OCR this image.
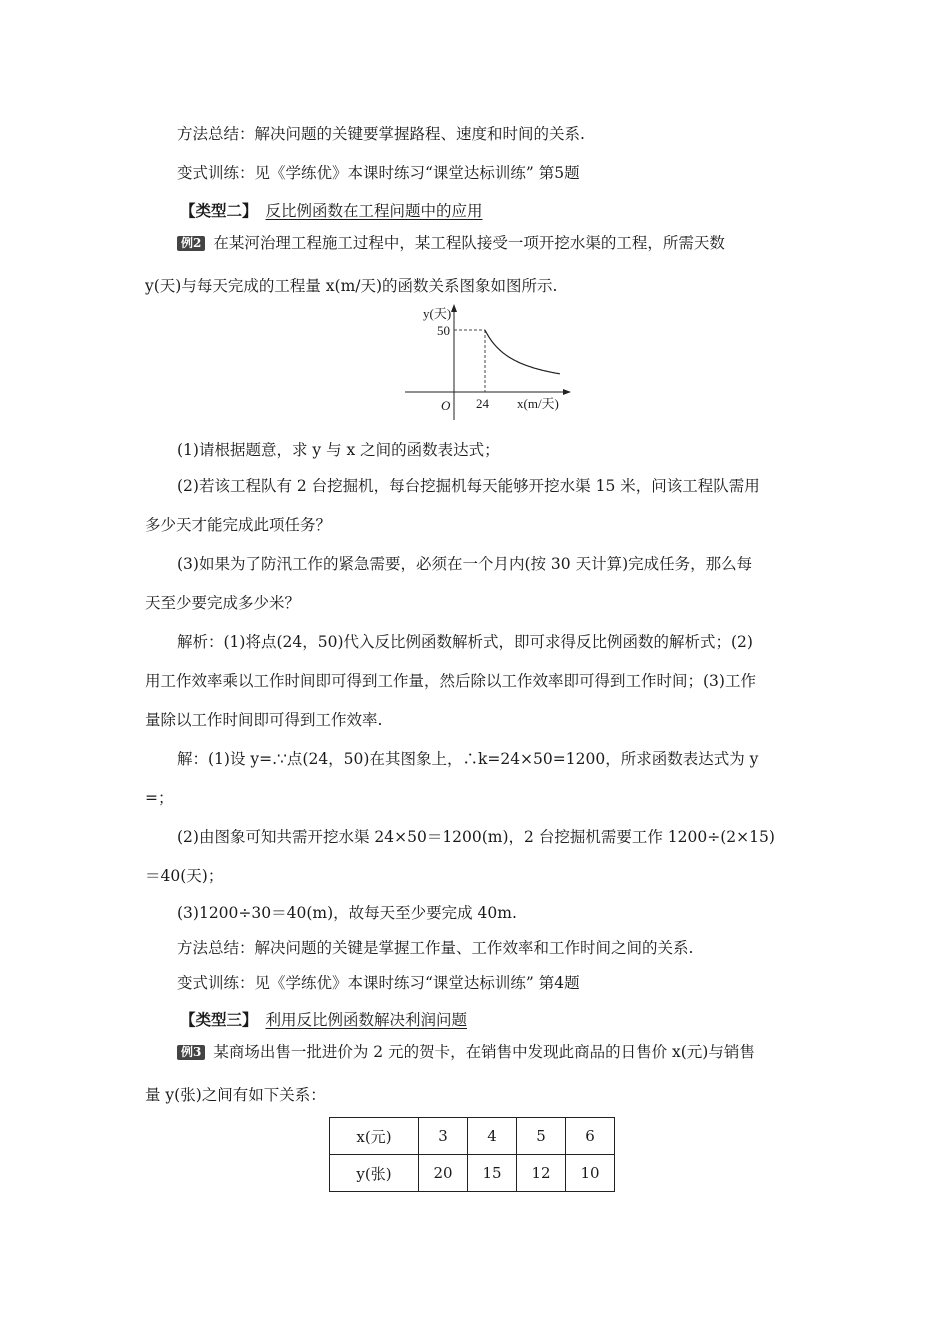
方法总结：解决问题的关键要掌握路程、速度和时间的关系.
变式训练：见《学练优》本课时练习“课堂达标训练” 第5题
【类型二】 反比例函数在工程问题中的应用
例2 在某河治理工程施工过程中，某工程队接受一项开挖水渠的工程，所需天数
y(天)与每天完成的工程量 x(m/天)的函数关系图象如图所示.
y(天)
50
O 24 x(m/天)
(1)请根据题意，求 y 与 x 之间的函数表达式；
(2)若该工程队有 2 台挖掘机，每台挖掘机每天能够开挖水渠 15 米，问该工程队需用
多少天才能完成此项任务？
(3)如果为了防汛工作的紧急需要，必须在一个月内(按 30 天计算)完成任务，那么每
天至少要完成多少米？
解析：(1)将点(24，50)代入反比例函数解析式，即可求得反比例函数的解析式；(2)
用工作效率乘以工作时间即可得到工作量，然后除以工作效率即可得到工作时间；(3)工作
量除以工作时间即可得到工作效率.
解：(1)设 y=.∵点(24，50)在其图象上，∴k=24×50=1200，所求函数表达式为 y
=；
(2)由图象可知共需开挖水渠 24×50＝1200(m)，2 台挖掘机需要工作 1200÷(2×15)
＝40(天)；
(3)1200÷30＝40(m)，故每天至少要完成 40m.
方法总结：解决问题的关键是掌握工作量、工作效率和工作时间之间的关系.
变式训练：见《学练优》本课时练习“课堂达标训练” 第4题
【类型三】 利用反比例函数解决利润问题
例3 某商场出售一批进价为 2 元的贺卡，在销售中发现此商品的日售价 x(元)与销售
量 y(张)之间有如下关系：
x(元)	3	4	5	6
y(张)	20	15	12	10
